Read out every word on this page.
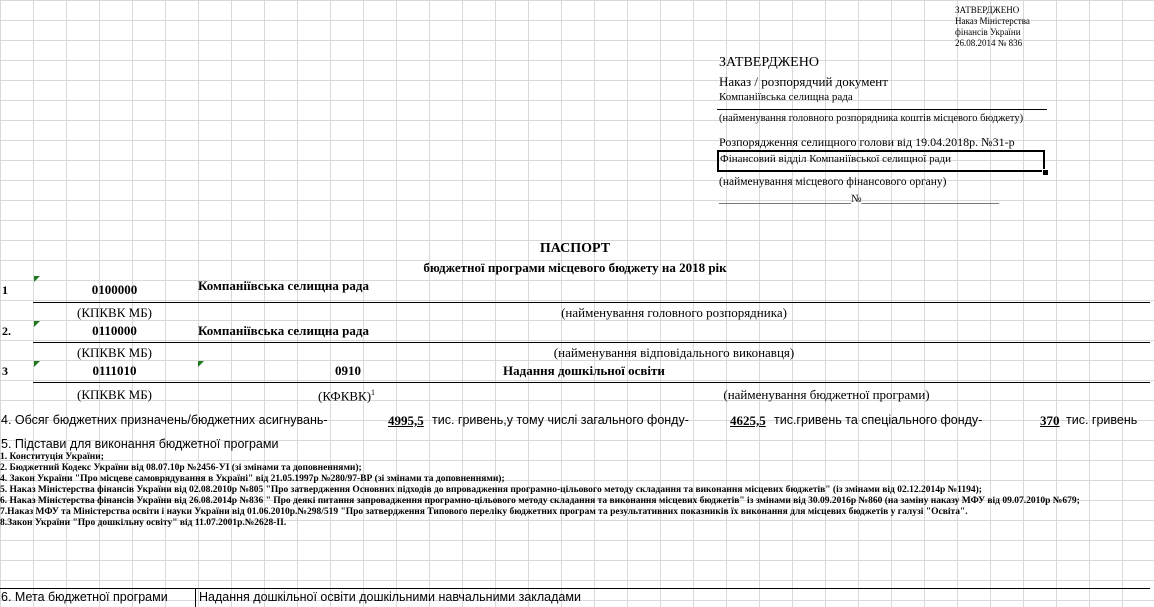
ЗАТВЕРДЖЕНО
Наказ Міністерства
фінансів України
26.08.2014 № 836
ЗАТВЕРДЖЕНО
Наказ / розпорядчий документ
Компаніївська селищна рада
(найменування головного розпорядника коштів місцевого бюджету)
Розпорядження селищного голови від 19.04.2018р. №31-р
Фінансовий відділ Компаніївської селищної ради
(найменування місцевого фінансового органу)
________________________№_________________________
ПАСПОРТ
бюджетної програми місцевого бюджету на 2018 рік
1	0100000	Компаніївська селищна рада
(КПКВК МБ)	(найменування головного розпорядника)
2.	0110000	Компаніївська селищна рада
(КПКВК МБ)	(найменування відповідального виконавця)
3	0111010	0910	Надання дошкільної освіти
(КПКВК МБ)	(КФКВК)$^1$	(найменування бюджетної програми)
4. Обсяг бюджетних призначень/бюджетних асигнувань-	4995,5 тис. гривень,у тому числі загального фонду-	4625,5 тис.гривень та спеціального фонду-	370 тис. гривень
5. Підстави для виконання бюджетної програми
1. Конституція України;
2. Бюджетний Кодекс України від 08.07.10р №2456-УІ (зі змінами та доповненнями);
4. Закон України "Про місцеве самоврядування в Україні" від 21.05.1997р №280/97-ВР (зі змінами та доповненнями);
5. Наказ Міністерства фінансів України від 02.08.2010р №805 "Про затвердження Основних підходів до впровадження програмно-цільового методу складання та виконання місцевих бюджетів" (із змінами від 02.12.2014р №1194);
6. Наказ Міністерства фінансів України від 26.08.2014р №836 " Про деякі питання запровадження програмно-цільового методу складання та виконання місцевих бюджетів" із змінами від 30.09.2016р №860 (на заміну наказу МФУ від 09.07.2010р №679;
7.Наказ МФУ та Міністерства освіти і науки України від 01.06.2010р.№298/519 "Про затвердження Типового переліку бюджетних програм та результативних показників їх виконання для місцевих бюджетів у галузі "Освіта".
8.Закон України "Про дошкільну освіту" від 11.07.2001р.№2628-ІІ.
6. Мета бюджетної програми	Надання дошкільної освіти дошкільними навчальними закладами
